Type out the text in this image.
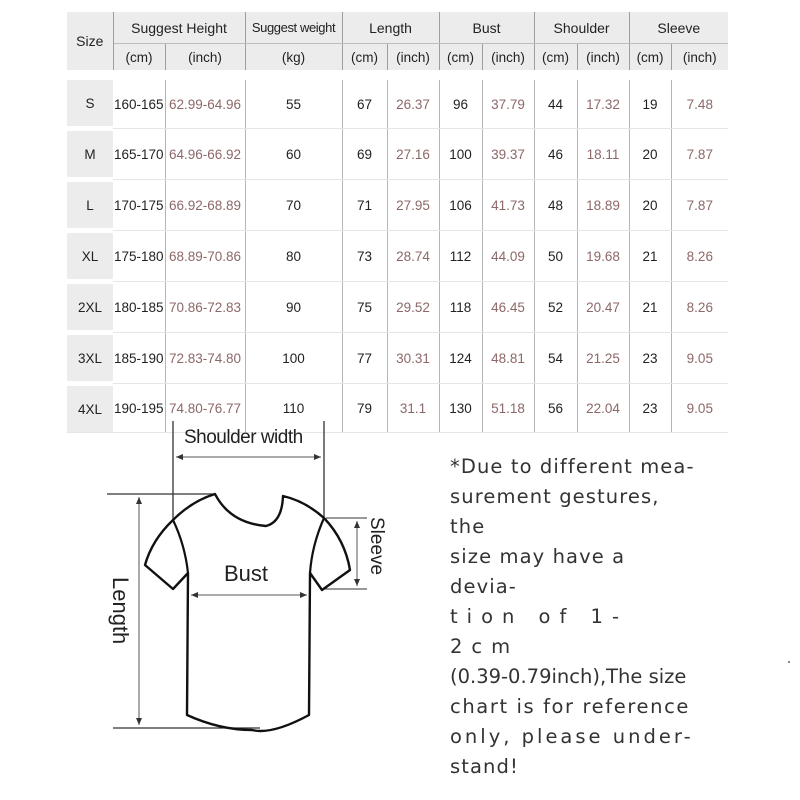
Size	Suggest Height		Suggest weight	Length		Bust		Shoulder		Sleeve	
	(cm)	(inch)	(kg)	(cm)	(inch)	(cm)	(inch)	(cm)	(inch)	(cm)	(inch)
S	160-165	62.99-64.96	55	67	26.37	96	37.79	44	17.32	19	7.48
M	165-170	64.96-66.92	60	69	27.16	100	39.37	46	18.11	20	7.87
L	170-175	66.92-68.89	70	71	27.95	106	41.73	48	18.89	20	7.87
XL	175-180	68.89-70.86	80	73	28.74	112	44.09	50	19.68	21	8.26
2XL	180-185	70.86-72.83	90	75	29.52	118	46.45	52	20.47	21	8.26
3XL	185-190	72.83-74.80	100	77	30.31	124	48.81	54	21.25	23	9.05
4XL	190-195	74.80-76.77	110	79	31.1	130	51.18	56	22.04	23	9.05
Shoulder width
Bust	Sleeve
Length
*Due to different mea-
surement gestures, the
size may have a devia-
tion of 1-2cm
(0.39-0.79inch),The size
chart is for reference
only, please under-
stand!
